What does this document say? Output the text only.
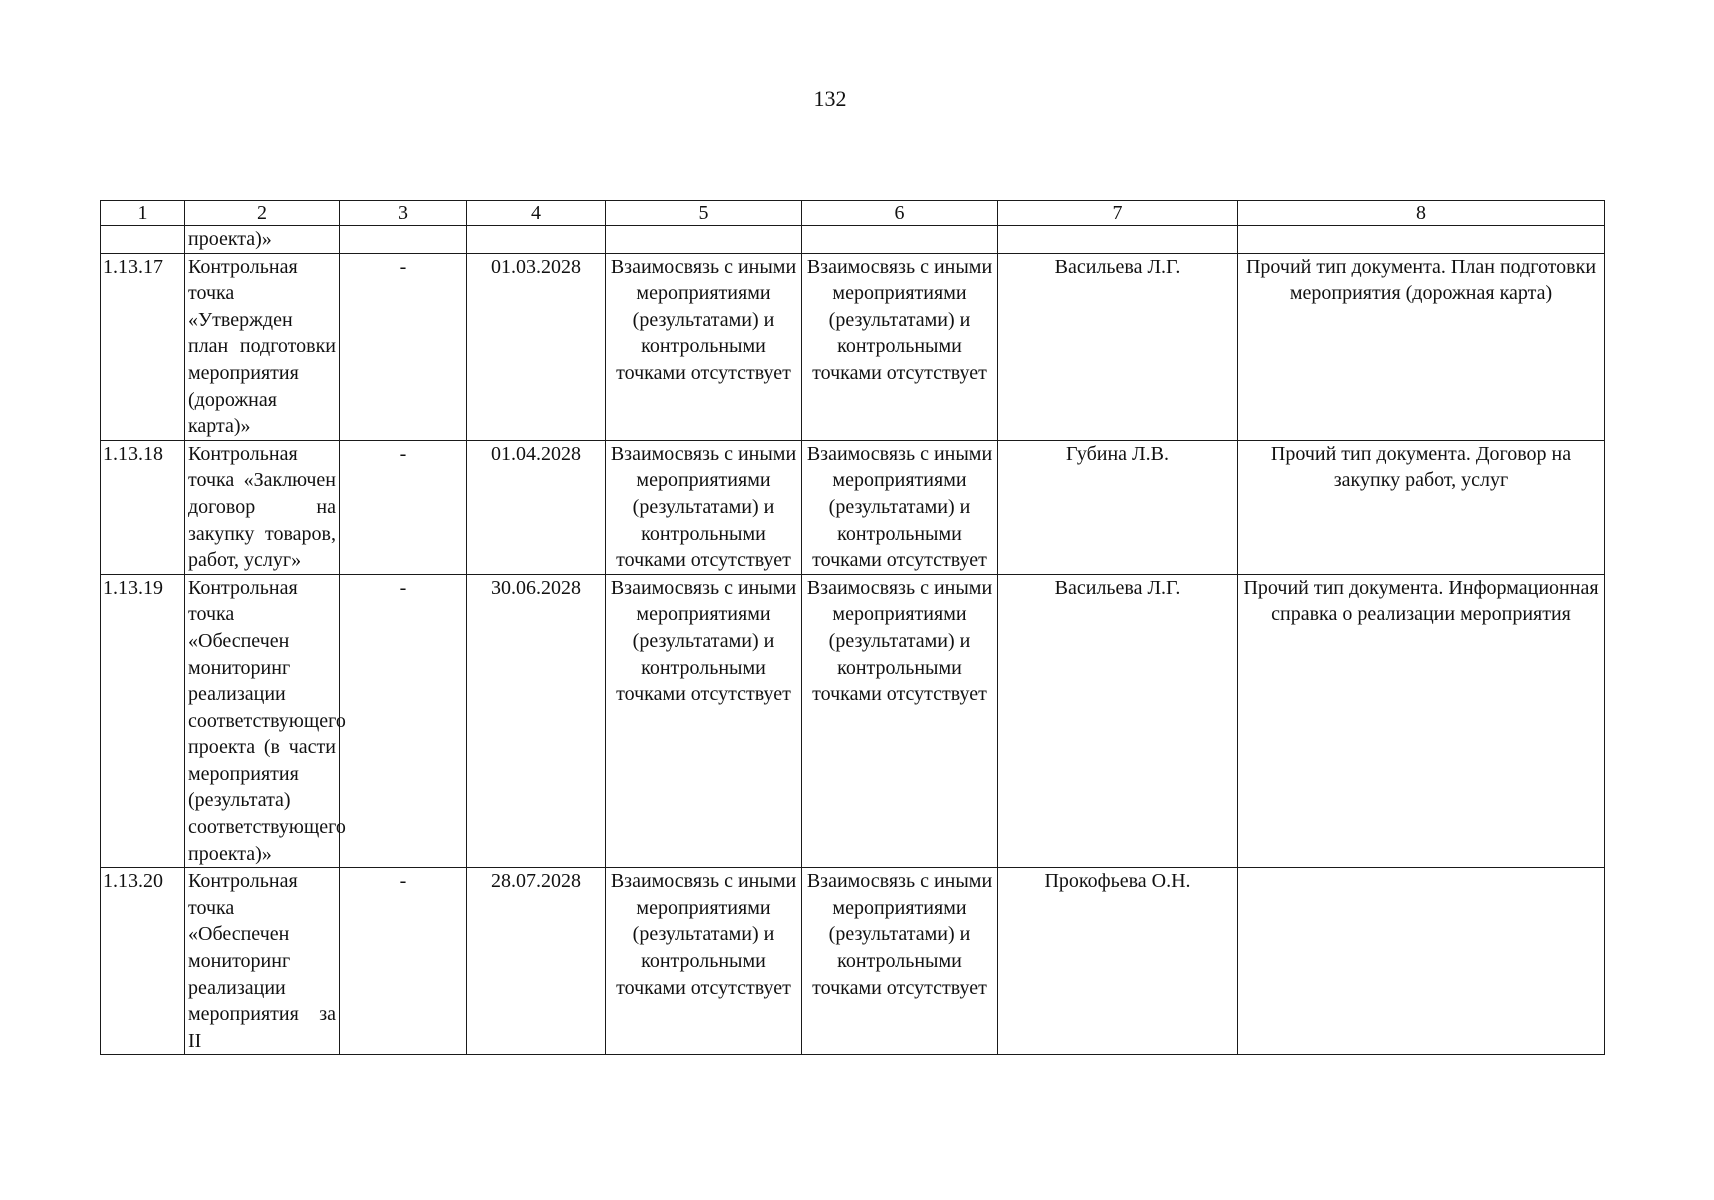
132
1	2	3	4	5	6	7	8
	проекта)»						
1.13.17	Контрольная точка «Утвержден план подготовки мероприятия (дорожная карта)»	-	01.03.2028	Взаимосвязь с иными мероприятиями (результатами) и контрольными точками отсутствует	Взаимосвязь с иными мероприятиями (результатами) и контрольными точками отсутствует	Васильева Л.Г.	Прочий тип документа. План подготовки мероприятия (дорожная карта)
1.13.18	Контрольная точка «Заключен договор на закупку товаров, работ, услуг»	-	01.04.2028	Взаимосвязь с иными мероприятиями (результатами) и контрольными точками отсутствует	Взаимосвязь с иными мероприятиями (результатами) и контрольными точками отсутствует	Губина Л.В.	Прочий тип документа. Договор на закупку работ, услуг
1.13.19	Контрольная точка «Обеспечен мониторинг реализации соответствующего проекта (в части мероприятия (результата) соответствующего проекта)»	-	30.06.2028	Взаимосвязь с иными мероприятиями (результатами) и контрольными точками отсутствует	Взаимосвязь с иными мероприятиями (результатами) и контрольными точками отсутствует	Васильева Л.Г.	Прочий тип документа. Информационная справка о реализации мероприятия
1.13.20	Контрольная точка «Обеспечен мониторинг реализации мероприятия за II	-	28.07.2028	Взаимосвязь с иными мероприятиями (результатами) и контрольными точками отсутствует	Взаимосвязь с иными мероприятиями (результатами) и контрольными точками отсутствует	Прокофьева О.Н.	
